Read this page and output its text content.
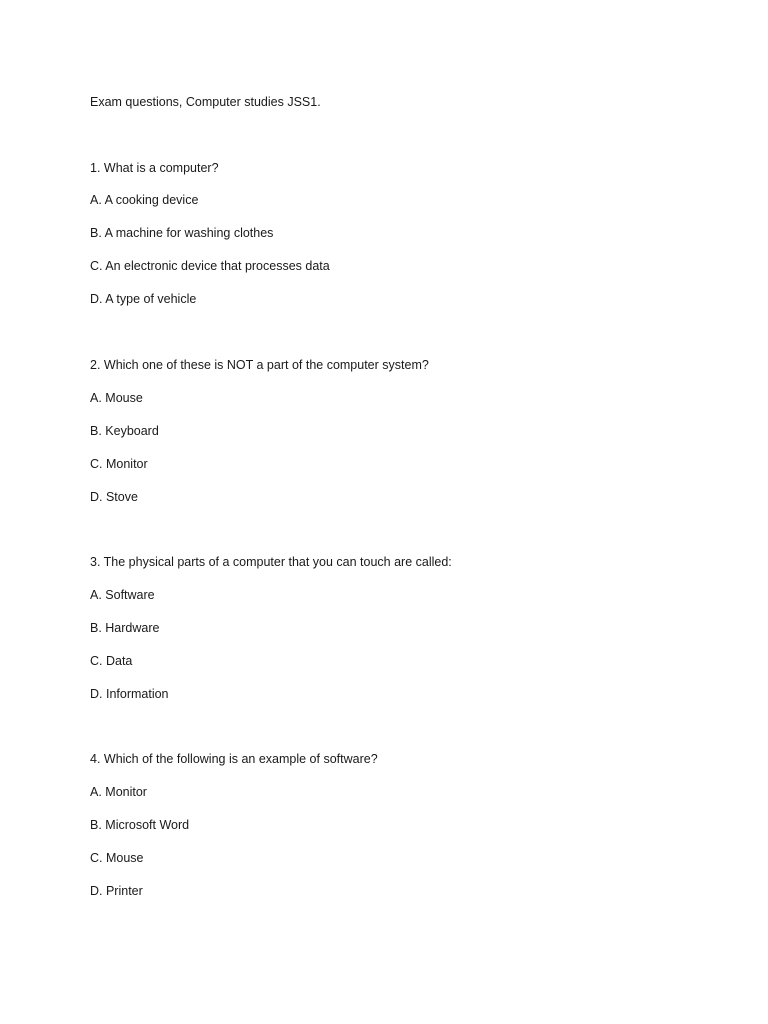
Exam questions, Computer studies JSS1.
1. What is a computer?
A. A cooking device
B. A machine for washing clothes
C. An electronic device that processes data
D. A type of vehicle
2. Which one of these is NOT a part of the computer system?
A. Mouse
B. Keyboard
C. Monitor
D. Stove
3. The physical parts of a computer that you can touch are called:
A. Software
B. Hardware
C. Data
D. Information
4. Which of the following is an example of software?
A. Monitor
B. Microsoft Word
C. Mouse
D. Printer
